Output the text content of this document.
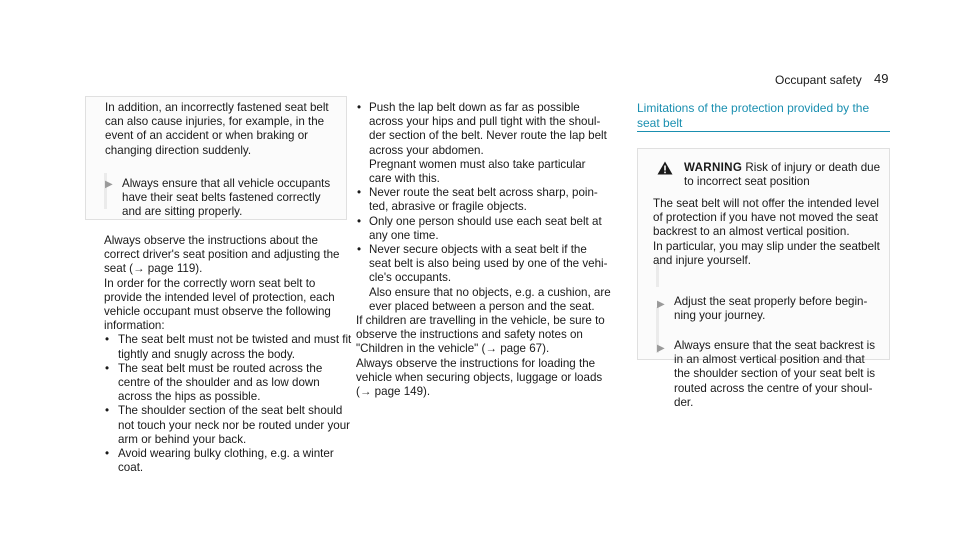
Occupant safety 49

In addition, an incorrectly fastened seat belt can also cause injuries, for example, in the event of an accident or when braking or changing direction suddenly.

▶ Always ensure that all vehicle occupants have their seat belts fastened correctly and are sitting properly.

Always observe the instructions about the correct driver's seat position and adjusting the seat (→ page 119).

In order for the correctly worn seat belt to provide the intended level of protection, each vehicle occupant must observe the following information:

• The seat belt must not be twisted and must fit tightly and snugly across the body.
• The seat belt must be routed across the centre of the shoulder and as low down across the hips as possible.
• The shoulder section of the seat belt should not touch your neck nor be routed under your arm or behind your back.
• Avoid wearing bulky clothing, e.g. a winter coat.

• Push the lap belt down as far as possible across your hips and pull tight with the shoul-der section of the belt. Never route the lap belt across your abdomen.

Pregnant women must also take particular care with this.

• Never route the seat belt across sharp, poin-ted, abrasive or fragile objects.
• Only one person should use each seat belt at any one time.

• Never secure objects with a seat belt if the seat belt is also being used by one of the vehi-cle's occupants.

Also ensure that no objects, e.g. a cushion, are ever placed between a person and the seat.

If children are travelling in the vehicle, be sure to observe the instructions and safety notes on "Children in the vehicle" (→ page 67).

Always observe the instructions for loading the vehicle when securing objects, luggage or loads (→ page 149).

Limitations of the protection provided by the seat belt

WARNING Risk of injury or death due to incorrect seat position

The seat belt will not offer the intended level of protection if you have not moved the seat backrest to an almost vertical position.

In particular, you may slip under the seatbelt and injure yourself.

▶ Adjust the seat properly before begin-ning your journey.

▶ Always ensure that the seat backrest is in an almost vertical position and that the shoulder section of your seat belt is routed across the centre of your shoul-der.
